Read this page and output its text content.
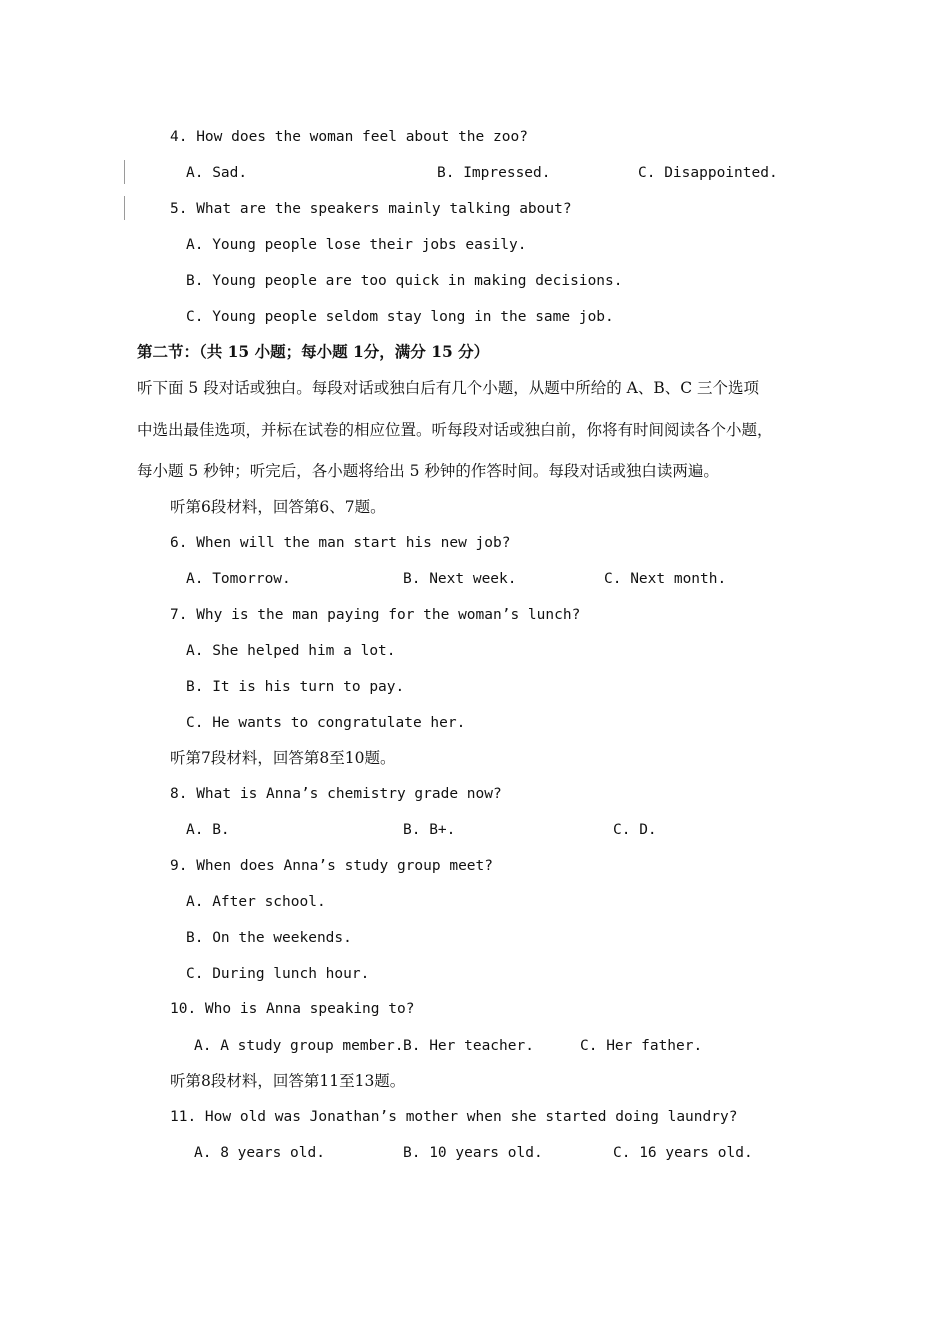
4. How does the woman feel about the zoo?
A. Sad.	B. Impressed.	C. Disappointed.
5. What are the speakers mainly talking about?
A. Young people lose their jobs easily.
B. Young people are too quick in making decisions.
C. Young people seldom stay long in the same job.
第二节：（共 15 小题；每小题 1分，满分 15 分）
听下面 5 段对话或独白。每段对话或独白后有几个小题，从题中所给的 A、B、C 三个选项
中选出最佳选项，并标在试卷的相应位置。听每段对话或独白前，你将有时间阅读各个小题，
每小题 5 秒钟；听完后，各小题将给出 5 秒钟的作答时间。每段对话或独白读两遍。
听第6段材料，回答第6、7题。
6. When will the man start his new job?
A. Tomorrow.	B. Next week.	C. Next month.
7. Why is the man paying for the woman’s lunch?
A. She helped him a lot.
B. It is his turn to pay.
C. He wants to congratulate her.
听第7段材料，回答第8至10题。
8. What is Anna’s chemistry grade now?
A. B.	B. B+.	C. D.
9. When does Anna’s study group meet?
A. After school.
B. On the weekends.
C. During lunch hour.
10. Who is Anna speaking to?
A. A study group member. B. Her teacher.	C. Her father.
听第8段材料，回答第11至13题。
11. How old was Jonathan’s mother when she started doing laundry?
A. 8 years old.	B. 10 years old.	C. 16 years old.
